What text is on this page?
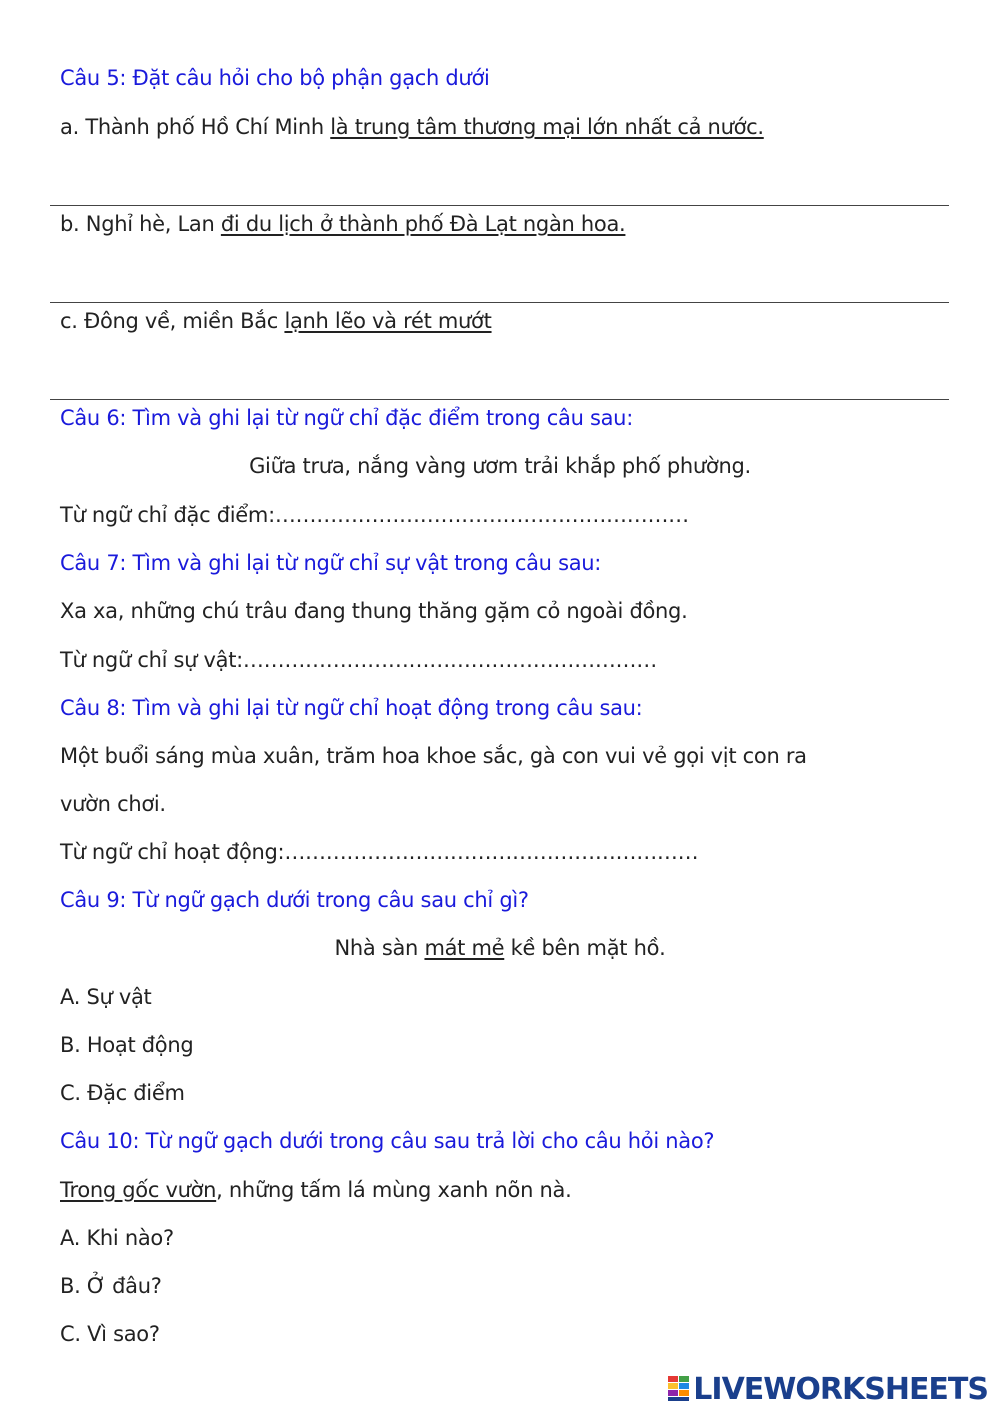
Câu 5: Đặt câu hỏi cho bộ phận gạch dưới
a. Thành phố Hồ Chí Minh là trung tâm thương mại lớn nhất cả nước.
b. Nghỉ hè, Lan đi du lịch ở thành phố Đà Lạt ngàn hoa.
c. Đông về, miền Bắc lạnh lẽo và rét mướt
Câu 6: Tìm và ghi lại từ ngữ chỉ đặc điểm trong câu sau:
Giữa trưa, nắng vàng ươm trải khắp phố phường.
Từ ngữ chỉ đặc điểm:……………………………………………………
Câu 7: Tìm và ghi lại từ ngữ chỉ sự vật trong câu sau:
Xa xa, những chú trâu đang thung thăng gặm cỏ ngoài đồng.
Từ ngữ chỉ sự vật:……………………………………………………
Câu 8: Tìm và ghi lại từ ngữ chỉ hoạt động trong câu sau:
Một buổi sáng mùa xuân, trăm hoa khoe sắc, gà con vui vẻ gọi vịt con ra
vườn chơi.
Từ ngữ chỉ hoạt động:……………………………………………………
Câu 9: Từ ngữ gạch dưới trong câu sau chỉ gì?
Nhà sàn mát mẻ kề bên mặt hồ.
A. Sự vật
B. Hoạt động
C. Đặc điểm
Câu 10: Từ ngữ gạch dưới trong câu sau trả lời cho câu hỏi nào?
Trong gốc vườn, những tấm lá mùng xanh nõn nà.
A. Khi nào?
B. Ở đâu?
C. Vì sao?
LIVEWORKSHEETS
